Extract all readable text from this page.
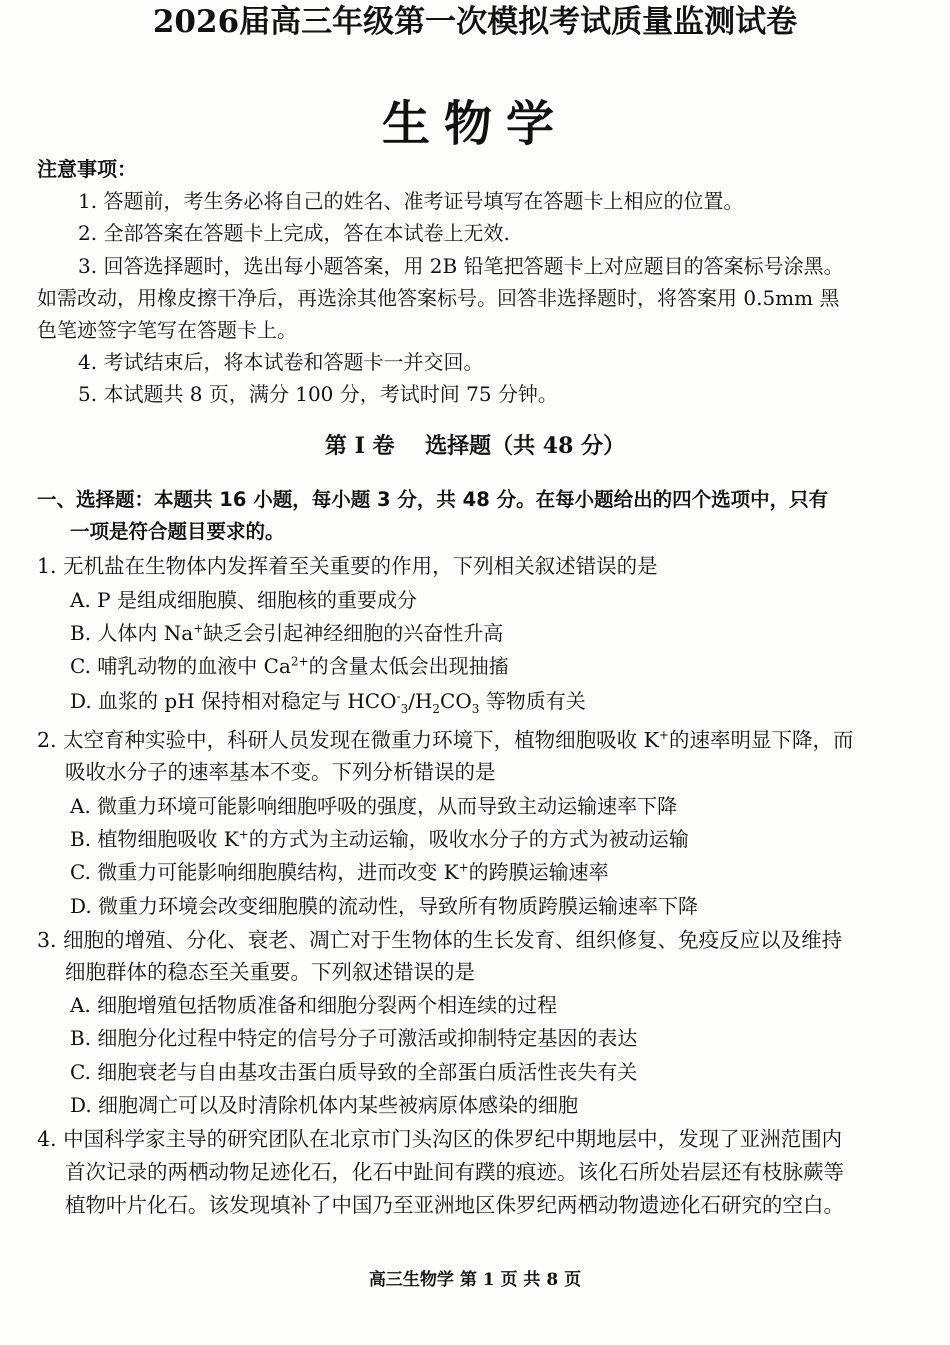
2026届高三年级第一次模拟考试质量监测试卷
生物学
注意事项：
1. 答题前，考生务必将自己的姓名、准考证号填写在答题卡上相应的位置。
2. 全部答案在答题卡上完成，答在本试卷上无效.
3. 回答选择题时，选出每小题答案，用 2B 铅笔把答题卡上对应题目的答案标号涂黑。
如需改动，用橡皮擦干净后，再选涂其他答案标号。回答非选择题时，将答案用 0.5mm 黑
色笔迹签字笔写在答题卡上。
4. 考试结束后，将本试卷和答题卡一并交回。
5. 本试题共 8 页，满分 100 分，考试时间 75 分钟。
第 I 卷    选择题（共 48 分）
一、选择题：本题共 16 小题，每小题 3 分，共 48 分。在每小题给出的四个选项中，只有
一项是符合题目要求的。
1. 无机盐在生物体内发挥着至关重要的作用，下列相关叙述错误的是
A. P 是组成细胞膜、细胞核的重要成分
B. 人体内 Na+缺乏会引起神经细胞的兴奋性升高
C. 哺乳动物的血液中 $Ca^{2+}$的含量太低会出现抽搐
D. 血浆的 pH 保持相对稳定与 $HCO^-_3/H_2CO_3$ 等物质有关
2. 太空育种实验中，科研人员发现在微重力环境下，植物细胞吸收 K+的速率明显下降，而
吸收水分子的速率基本不变。下列分析错误的是
A. 微重力环境可能影响细胞呼吸的强度，从而导致主动运输速率下降
B. 植物细胞吸收 K+的方式为主动运输，吸收水分子的方式为被动运输
C. 微重力可能影响细胞膜结构，进而改变 K+的跨膜运输速率
D. 微重力环境会改变细胞膜的流动性，导致所有物质跨膜运输速率下降
3. 细胞的增殖、分化、衰老、凋亡对于生物体的生长发育、组织修复、免疫反应以及维持
细胞群体的稳态至关重要。下列叙述错误的是
A. 细胞增殖包括物质准备和细胞分裂两个相连续的过程
B. 细胞分化过程中特定的信号分子可激活或抑制特定基因的表达
C. 细胞衰老与自由基攻击蛋白质导致的全部蛋白质活性丧失有关
D. 细胞凋亡可以及时清除机体内某些被病原体感染的细胞
4. 中国科学家主导的研究团队在北京市门头沟区的侏罗纪中期地层中，发现了亚洲范围内
首次记录的两栖动物足迹化石，化石中趾间有蹼的痕迹。该化石所处岩层还有枝脉蕨等
植物叶片化石。该发现填补了中国乃至亚洲地区侏罗纪两栖动物遗迹化石研究的空白。
高三生物学 第 1 页 共 8 页
